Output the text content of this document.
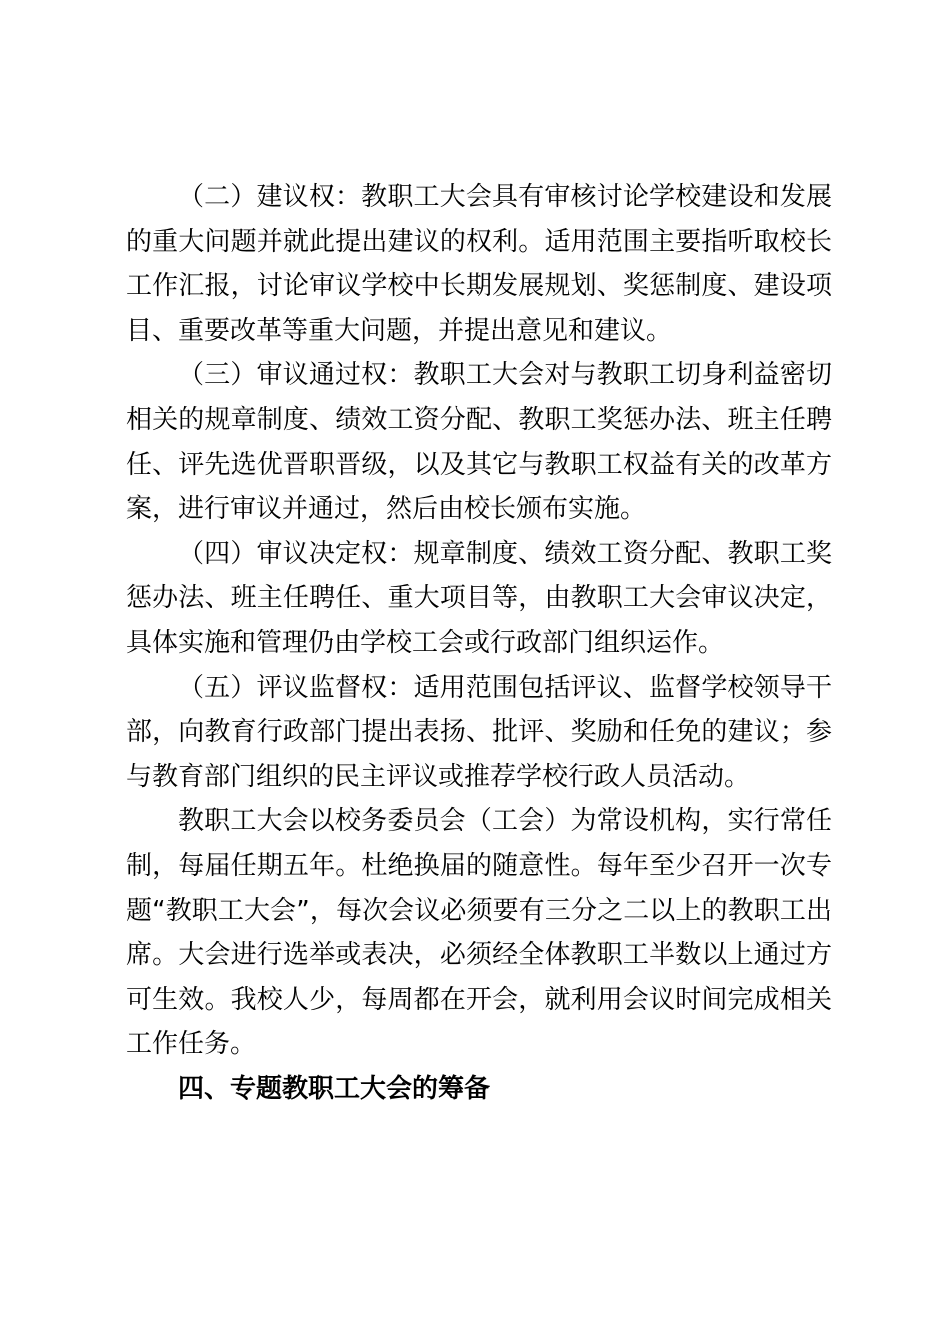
（二）建议权：教职工大会具有审核讨论学校建设和发展的重大问题并就此提出建议的权利。适用范围主要指听取校长工作汇报，讨论审议学校中长期发展规划、奖惩制度、建设项目、重要改革等重大问题，并提出意见和建议。

（三）审议通过权：教职工大会对与教职工切身利益密切相关的规章制度、绩效工资分配、教职工奖惩办法、班主任聘任、评先选优晋职晋级，以及其它与教职工权益有关的改革方案，进行审议并通过，然后由校长颁布实施。

（四）审议决定权：规章制度、绩效工资分配、教职工奖惩办法、班主任聘任、重大项目等，由教职工大会审议决定，具体实施和管理仍由学校工会或行政部门组织运作。

（五）评议监督权：适用范围包括评议、监督学校领导干部，向教育行政部门提出表扬、批评、奖励和任免的建议；参与教育部门组织的民主评议或推荐学校行政人员活动。

教职工大会以校务委员会（工会）为常设机构，实行常任制，每届任期五年。杜绝换届的随意性。每年至少召开一次专题“教职工大会”，每次会议必须要有三分之二以上的教职工出席。大会进行选举或表决，必须经全体教职工半数以上通过方可生效。我校人少，每周都在开会，就利用会议时间完成相关工作任务。

四、专题教职工大会的筹备
